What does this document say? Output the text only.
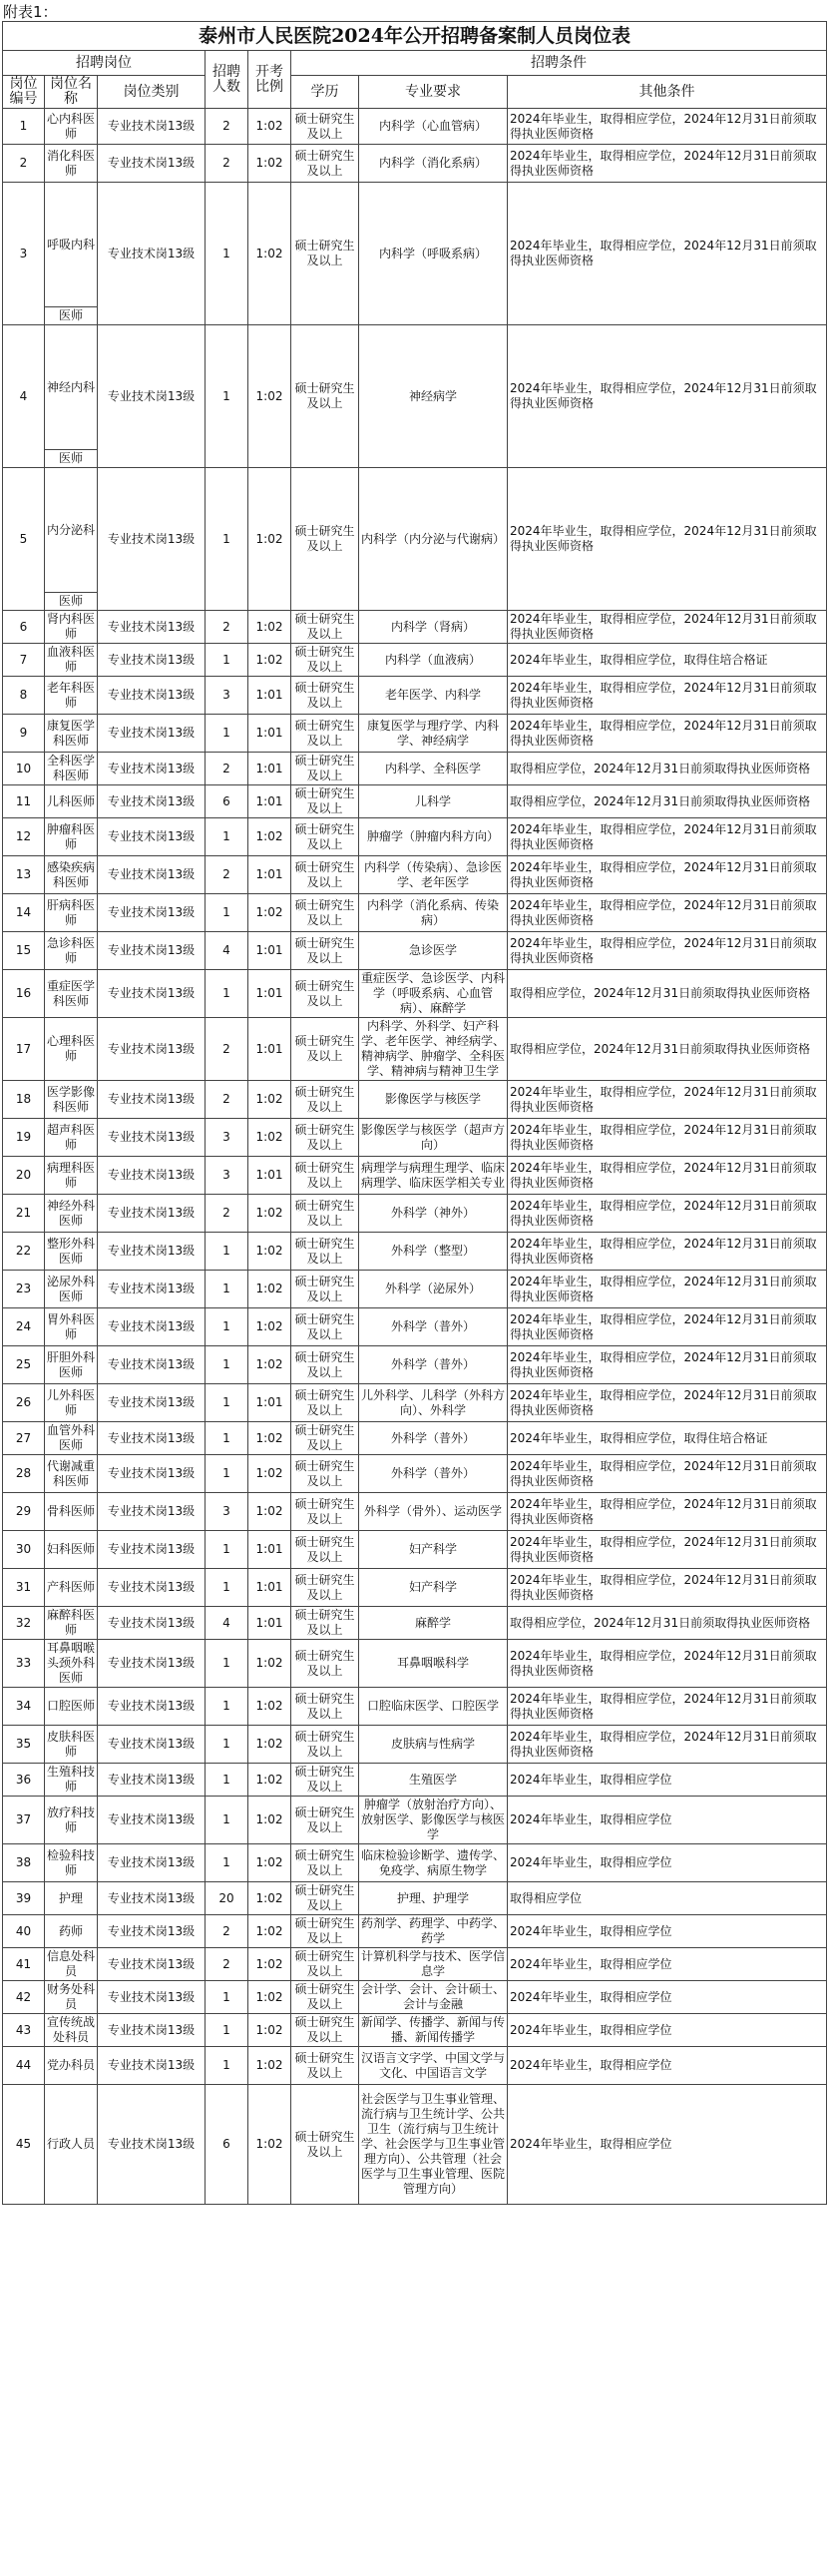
附表1：
泰州市人民医院2024年公开招聘备案制人员岗位表							
招聘岗位			招聘人数	开考比例	招聘条件		
岗位编号	岗位名称	岗位类别			学历	专业要求	其他条件
1	心内科医师	专业技术岗13级	2	1:02	硕士研究生及以上	内科学（心血管病）	2024年毕业生，取得相应学位，2024年12月31日前须取得执业医师资格
2	消化科医师	专业技术岗13级	2	1:02	硕士研究生及以上	内科学（消化系病）	2024年毕业生，取得相应学位，2024年12月31日前须取得执业医师资格
3	呼吸内科	专业技术岗13级	1	1:02	硕士研究生及以上	内科学（呼吸系病）	2024年毕业生，取得相应学位，2024年12月31日前须取得执业医师资格
	医师						
4	神经内科	专业技术岗13级	1	1:02	硕士研究生及以上	神经病学	2024年毕业生，取得相应学位，2024年12月31日前须取得执业医师资格
	医师						
5	内分泌科	专业技术岗13级	1	1:02	硕士研究生及以上	内科学（内分泌与代谢病）	2024年毕业生，取得相应学位，2024年12月31日前须取得执业医师资格
	医师						
6	肾内科医师	专业技术岗13级	2	1:02	硕士研究生及以上	内科学（肾病）	2024年毕业生，取得相应学位，2024年12月31日前须取得执业医师资格
7	血液科医师	专业技术岗13级	1	1:02	硕士研究生及以上	内科学（血液病）	2024年毕业生，取得相应学位，取得住培合格证
8	老年科医师	专业技术岗13级	3	1:01	硕士研究生及以上	老年医学、内科学	2024年毕业生，取得相应学位，2024年12月31日前须取得执业医师资格
9	康复医学科医师	专业技术岗13级	1	1:01	硕士研究生及以上	康复医学与理疗学、内科学、神经病学	2024年毕业生，取得相应学位，2024年12月31日前须取得执业医师资格
10	全科医学科医师	专业技术岗13级	2	1:01	硕士研究生及以上	内科学、全科医学	取得相应学位，2024年12月31日前须取得执业医师资格
11	儿科医师	专业技术岗13级	6	1:01	硕士研究生及以上	儿科学	取得相应学位，2024年12月31日前须取得执业医师资格
12	肿瘤科医师	专业技术岗13级	1	1:02	硕士研究生及以上	肿瘤学（肿瘤内科方向）	2024年毕业生，取得相应学位，2024年12月31日前须取得执业医师资格
13	感染疾病科医师	专业技术岗13级	2	1:01	硕士研究生及以上	内科学（传染病）、急诊医学、老年医学	2024年毕业生，取得相应学位，2024年12月31日前须取得执业医师资格
14	肝病科医师	专业技术岗13级	1	1:02	硕士研究生及以上	内科学（消化系病、传染病）	2024年毕业生，取得相应学位，2024年12月31日前须取得执业医师资格
15	急诊科医师	专业技术岗13级	4	1:01	硕士研究生及以上	急诊医学	2024年毕业生，取得相应学位，2024年12月31日前须取得执业医师资格
16	重症医学科医师	专业技术岗13级	1	1:01	硕士研究生及以上	重症医学、急诊医学、内科学（呼吸系病、心血管病）、麻醉学	取得相应学位，2024年12月31日前须取得执业医师资格
17	心理科医师	专业技术岗13级	2	1:01	硕士研究生及以上	内科学、外科学、妇产科学、老年医学、神经病学、精神病学、肿瘤学、全科医学、精神病与精神卫生学	取得相应学位，2024年12月31日前须取得执业医师资格
18	医学影像科医师	专业技术岗13级	2	1:02	硕士研究生及以上	影像医学与核医学	2024年毕业生，取得相应学位，2024年12月31日前须取得执业医师资格
19	超声科医师	专业技术岗13级	3	1:02	硕士研究生及以上	影像医学与核医学（超声方向）	2024年毕业生，取得相应学位，2024年12月31日前须取得执业医师资格
20	病理科医师	专业技术岗13级	3	1:01	硕士研究生及以上	病理学与病理生理学、临床病理学、临床医学相关专业	2024年毕业生，取得相应学位，2024年12月31日前须取得执业医师资格
21	神经外科医师	专业技术岗13级	2	1:02	硕士研究生及以上	外科学（神外）	2024年毕业生，取得相应学位，2024年12月31日前须取得执业医师资格
22	整形外科医师	专业技术岗13级	1	1:02	硕士研究生及以上	外科学（整型）	2024年毕业生，取得相应学位，2024年12月31日前须取得执业医师资格
23	泌尿外科医师	专业技术岗13级	1	1:02	硕士研究生及以上	外科学（泌尿外）	2024年毕业生，取得相应学位，2024年12月31日前须取得执业医师资格
24	胃外科医师	专业技术岗13级	1	1:02	硕士研究生及以上	外科学（普外）	2024年毕业生，取得相应学位，2024年12月31日前须取得执业医师资格
25	肝胆外科医师	专业技术岗13级	1	1:02	硕士研究生及以上	外科学（普外）	2024年毕业生，取得相应学位，2024年12月31日前须取得执业医师资格
26	儿外科医师	专业技术岗13级	1	1:01	硕士研究生及以上	儿外科学、儿科学（外科方向）、外科学	2024年毕业生，取得相应学位，2024年12月31日前须取得执业医师资格
27	血管外科医师	专业技术岗13级	1	1:02	硕士研究生及以上	外科学（普外）	2024年毕业生，取得相应学位，取得住培合格证
28	代谢减重科医师	专业技术岗13级	1	1:02	硕士研究生及以上	外科学（普外）	2024年毕业生，取得相应学位，2024年12月31日前须取得执业医师资格
29	骨科医师	专业技术岗13级	3	1:02	硕士研究生及以上	外科学（骨外）、运动医学	2024年毕业生，取得相应学位，2024年12月31日前须取得执业医师资格
30	妇科医师	专业技术岗13级	1	1:01	硕士研究生及以上	妇产科学	2024年毕业生，取得相应学位，2024年12月31日前须取得执业医师资格
31	产科医师	专业技术岗13级	1	1:01	硕士研究生及以上	妇产科学	2024年毕业生，取得相应学位，2024年12月31日前须取得执业医师资格
32	麻醉科医师	专业技术岗13级	4	1:01	硕士研究生及以上	麻醉学	取得相应学位，2024年12月31日前须取得执业医师资格
33	耳鼻咽喉头颈外科医师	专业技术岗13级	1	1:02	硕士研究生及以上	耳鼻咽喉科学	2024年毕业生，取得相应学位，2024年12月31日前须取得执业医师资格
34	口腔医师	专业技术岗13级	1	1:02	硕士研究生及以上	口腔临床医学、口腔医学	2024年毕业生，取得相应学位，2024年12月31日前须取得执业医师资格
35	皮肤科医师	专业技术岗13级	1	1:02	硕士研究生及以上	皮肤病与性病学	2024年毕业生，取得相应学位，2024年12月31日前须取得执业医师资格
36	生殖科技师	专业技术岗13级	1	1:02	硕士研究生及以上	生殖医学	2024年毕业生，取得相应学位
37	放疗科技师	专业技术岗13级	1	1:02	硕士研究生及以上	肿瘤学（放射治疗方向）、放射医学、影像医学与核医学	2024年毕业生，取得相应学位
38	检验科技师	专业技术岗13级	1	1:02	硕士研究生及以上	临床检验诊断学、遗传学、免疫学、病原生物学	2024年毕业生，取得相应学位
39	护理	专业技术岗13级	20	1:02	硕士研究生及以上	护理、护理学	取得相应学位
40	药师	专业技术岗13级	2	1:02	硕士研究生及以上	药剂学、药理学、中药学、药学	2024年毕业生，取得相应学位
41	信息处科员	专业技术岗13级	2	1:02	硕士研究生及以上	计算机科学与技术、医学信息学	2024年毕业生，取得相应学位
42	财务处科员	专业技术岗13级	1	1:02	硕士研究生及以上	会计学、会计、会计硕士、会计与金融	2024年毕业生，取得相应学位
43	宣传统战处科员	专业技术岗13级	1	1:02	硕士研究生及以上	新闻学、传播学、新闻与传播、新闻传播学	2024年毕业生，取得相应学位
44	党办科员	专业技术岗13级	1	1:02	硕士研究生及以上	汉语言文字学、中国文学与文化、中国语言文学	2024年毕业生，取得相应学位
45	行政人员	专业技术岗13级	6	1:02	硕士研究生及以上	社会医学与卫生事业管理、流行病与卫生统计学、公共卫生（流行病与卫生统计学、社会医学与卫生事业管理方向）、公共管理（社会医学与卫生事业管理、医院管理方向）	2024年毕业生，取得相应学位
